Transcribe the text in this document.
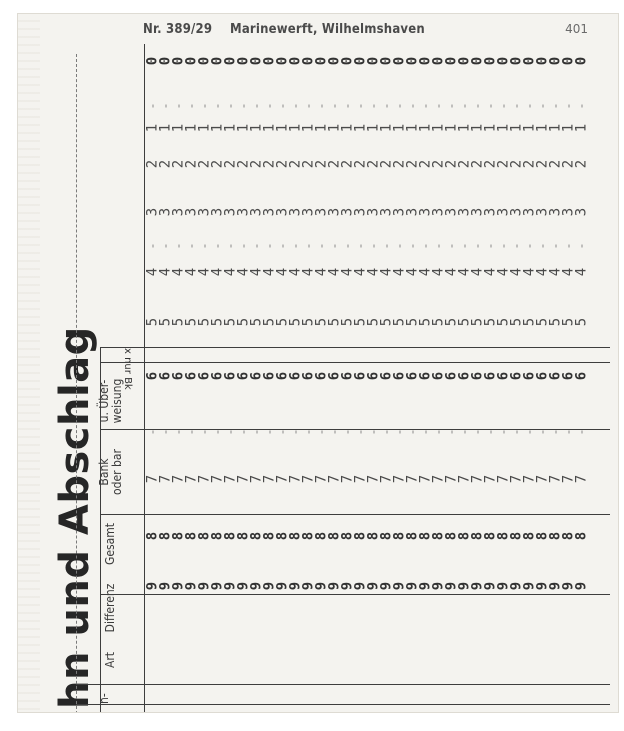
Nr. 389/29 Marinewerft, Wilhelmshaven	401
hn und Abschlag n-
Art
Differenz
Gesamt
Bank oder bar
u. Über- weisung
x nur Bk
0
0
0
0
0
0
0
0
0
0
0
0
0
0
0
0
0
0
0
0
0
0
0
0
0
0
0
0
0
0
0
0
0
0
- - - - - - - - - - - - - - - - - - - - - - - - - - - - - - - - - -
1
1
1
1
1
1
1
1
1
1
1
1
1
1
1
1
1
1
1
1
1
1
1
1
1
1
1
1
1
1
1
1
1
1
2
2
2
2
2
2
2
2
2
2
2
2
2
2
2
2
2
2
2
2
2
2
2
2
2
2
2
2
2
2
2
2
2
2
3
3
3
3
3
3
3
3
3
3
3
3
3
3
3
3
3
3
3
3
3
3
3
3
3
3
3
3
3
3
3
3
3
3
- - - - - - - - - - - - - - - - - - - - - - - - - - - - - - - - - -
4
4
4
4
4
4
4
4
4
4
4
4
4
4
4
4
4
4
4
4
4
4
4
4
4
4
4
4
4
4
4
4
4
4
5
5
5
5
5
5
5
5
5
5
5
5
5
5
5
5
5
5
5
5
5
5
5
5
5
5
5
5
5
5
5
5
5
5
6
6
6
6
6
6
6
6
6
6
6
6
6
6
6
6
6
6
6
6
6
6
6
6
6
6
6
6
6
6
6
6
6
6
- - - - - - - - - - - - - - - - - - - - - - - - - - - - - - - - - -
7
7
7
7
7
7
7
7
7
7
7
7
7
7
7
7
7
7
7
7
7
7
7
7
7
7
7
7
7
7
7
7
7
7
8
8
8
8
8
8
8
8
8
8
8
8
8
8
8
8
8
8
8
8
8
8
8
8
8
8
8
8
8
8
8
8
8
8
9
9
9
9
9
9
9
9
9
9
9
9
9
9
9
9
9
9
9
9
9
9
9
9
9
9
9
9
9
9
9
9
9
9
